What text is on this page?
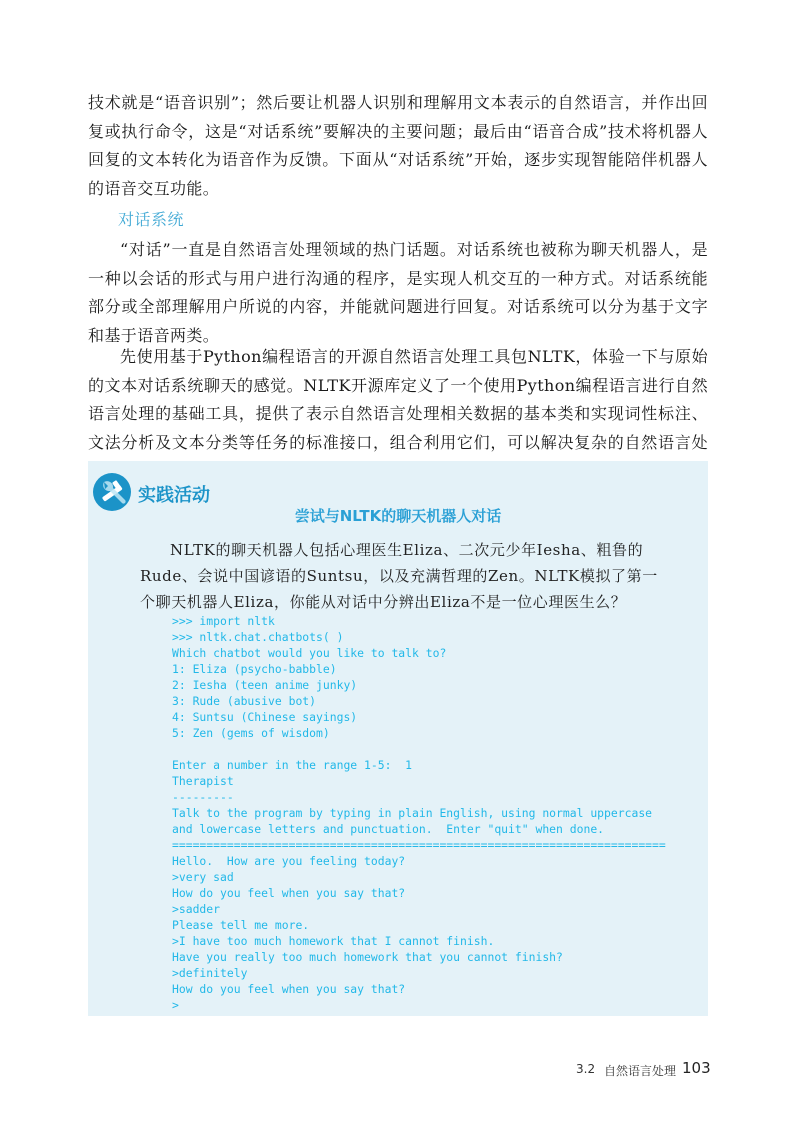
技术就是“语音识别”；然后要让机器人识别和理解用文本表示的自然语言，并作出回复或执行命令，这是“对话系统”要解决的主要问题；最后由“语音合成”技术将机器人回复的文本转化为语音作为反馈。下面从“对话系统”开始，逐步实现智能陪伴机器人的语音交互功能。

对话系统

“对话”一直是自然语言处理领域的热门话题。对话系统也被称为聊天机器人，是一种以会话的形式与用户进行沟通的程序，是实现人机交互的一种方式。对话系统能部分或全部理解用户所说的内容，并能就问题进行回复。对话系统可以分为基于文字和基于语音两类。

先使用基于Python编程语言的开源自然语言处理工具包NLTK，体验一下与原始的文本对话系统聊天的感觉。NLTK开源库定义了一个使用Python编程语言进行自然语言处理的基础工具，提供了表示自然语言处理相关数据的基本类和实现词性标注、文法分析及文本分类等任务的标准接口，组合利用它们，可以解决复杂的自然语言处

实践活动
尝试与NLTK的聊天机器人对话

NLTK的聊天机器人包括心理医生Eliza、二次元少年Iesha、粗鲁的Rude、会说中国谚语的Suntsu，以及充满哲理的Zen。NLTK模拟了第一个聊天机器人Eliza，你能从对话中分辨出Eliza不是一位心理医生么？

>>> import nltk
>>> nltk.chat.chatbots( )
Which chatbot would you like to talk to?
1: Eliza (psycho-babble)
2: Iesha (teen anime junky)
3: Rude (abusive bot)
4: Suntsu (Chinese sayings)
5: Zen (gems of wisdom)
Enter a number in the range 1-5:  1
Therapist
---------
Talk to the program by typing in plain English, using normal uppercase
and lowercase letters and punctuation.  Enter "quit" when done.
========================================================================
Hello.  How are you feeling today?
>very sad
How do you feel when you say that?
>sadder
Please tell me more.
>I have too much homework that I cannot finish.
Have you really too much homework that you cannot finish?
>definitely
How do you feel when you say that?
>
3.2 自然语言处理 103
